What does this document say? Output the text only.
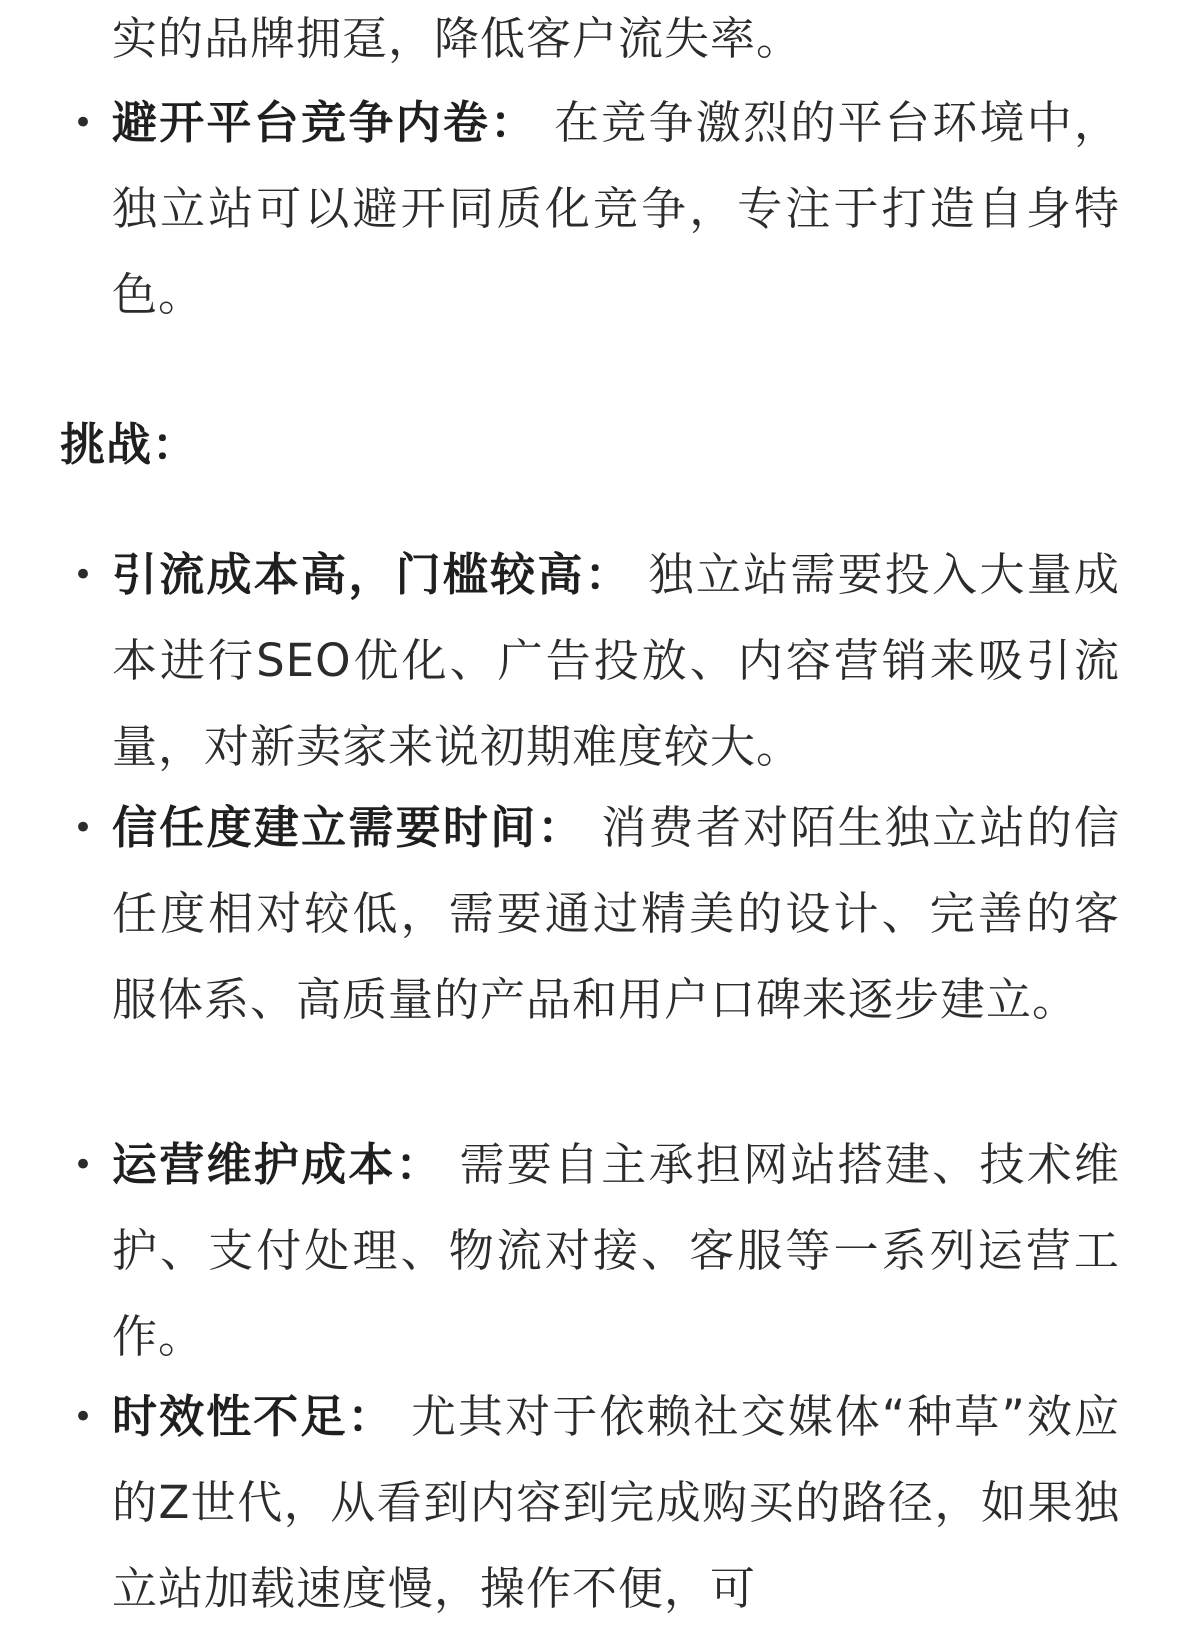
实的品牌拥趸，降低客户流失率。

• 避开平台竞争内卷： 在竞争激烈的平台环境中，独立站可以避开同质化竞争，专注于打造自身特色。

挑战：
• 引流成本高，门槛较高： 独立站需要投入大量成本进行SEO优化、广告投放、内容营销来吸引流量，对新卖家来说初期难度较大。

• 信任度建立需要时间： 消费者对陌生独立站的信任度相对较低，需要通过精美的设计、完善的客服体系、高质量的产品和用户口碑来逐步建立。

• 运营维护成本： 需要自主承担网站搭建、技术维护、支付处理、物流对接、客服等一系列运营工作。

• 时效性不足： 尤其对于依赖社交媒体“种草”效应的Z世代，从看到内容到完成购买的路径，如果独立站加载速度慢，操作不便，可
